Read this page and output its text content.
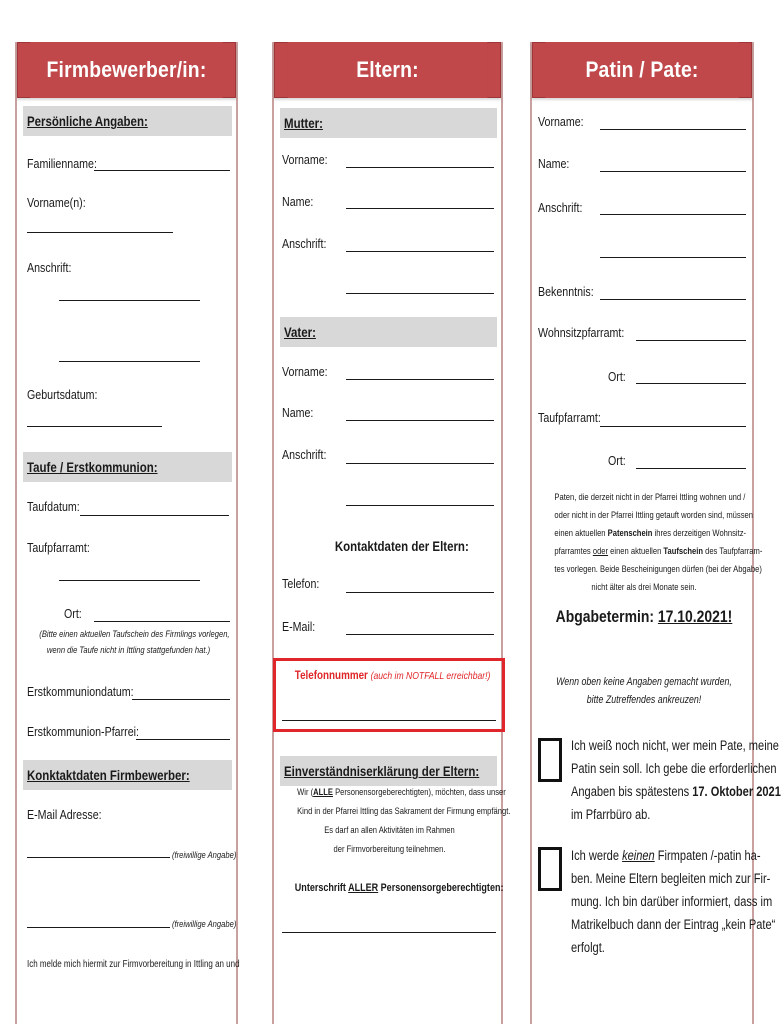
Firmbewerber/in:
Persönliche Angaben:
Familienname:
Vorname(n):
Anschrift:
Geburtsdatum:
Taufe / Erstkommunion:
Taufdatum:
Taufpfarramt:
Ort:
(Bitte einen aktuellen Taufschein des Firmlings vorlegen,
wenn die Taufe nicht in Ittling stattgefunden hat.)
Erstkommuniondatum:
Erstkommunion-Pfarrei:
Konktaktdaten Firmbewerber:
E-Mail Adresse:
(freiwillige Angabe)
(freiwillige Angabe)
Ich melde mich hiermit zur Firmvorbereitung in Ittling an und
Eltern:
Mutter:
Vorname:
Name:
Anschrift:
Vater:
Vorname:
Name:
Anschrift:
Kontaktdaten der Eltern:
Telefon:
E-Mail:
Telefonnummer (auch im NOTFALL erreichbar!)
Einverständniserklärung der Eltern:
Wir (ALLE Personensorgeberechtigten), möchten, dass unser
Kind in der Pfarrei Ittling das Sakrament der Firmung empfängt.
Es darf an allen Aktivitäten im Rahmen
der Firmvorbereitung teilnehmen.
Unterschrift ALLER Personensorgeberechtigten:
Patin / Pate:
Vorname:
Name:
Anschrift:
Bekenntnis:
Wohnsitzpfarramt:
Ort:
Taufpfarramt:
Ort:
Paten, die derzeit nicht in der Pfarrei Ittling wohnen und /
oder nicht in der Pfarrei Ittling getauft worden sind, müssen
einen aktuellen Patenschein ihres derzeitigen Wohnsitz-
pfarramtes oder einen aktuellen Taufschein des Taufpfarram-
tes vorlegen. Beide Bescheinigungen dürfen (bei der Abgabe)
nicht älter als drei Monate sein.
Abgabetermin: 17.10.2021!
Wenn oben keine Angaben gemacht wurden,
bitte Zutreffendes ankreuzen!
Ich weiß noch nicht, wer mein Pate, meine
Patin sein soll. Ich gebe die erforderlichen
Angaben bis spätestens 17. Oktober 2021
im Pfarrbüro ab.
Ich werde keinen Firmpaten /-patin ha-
ben. Meine Eltern begleiten mich zur Fir-
mung. Ich bin darüber informiert, dass im
Matrikelbuch dann der Eintrag „kein Pate“
erfolgt.
